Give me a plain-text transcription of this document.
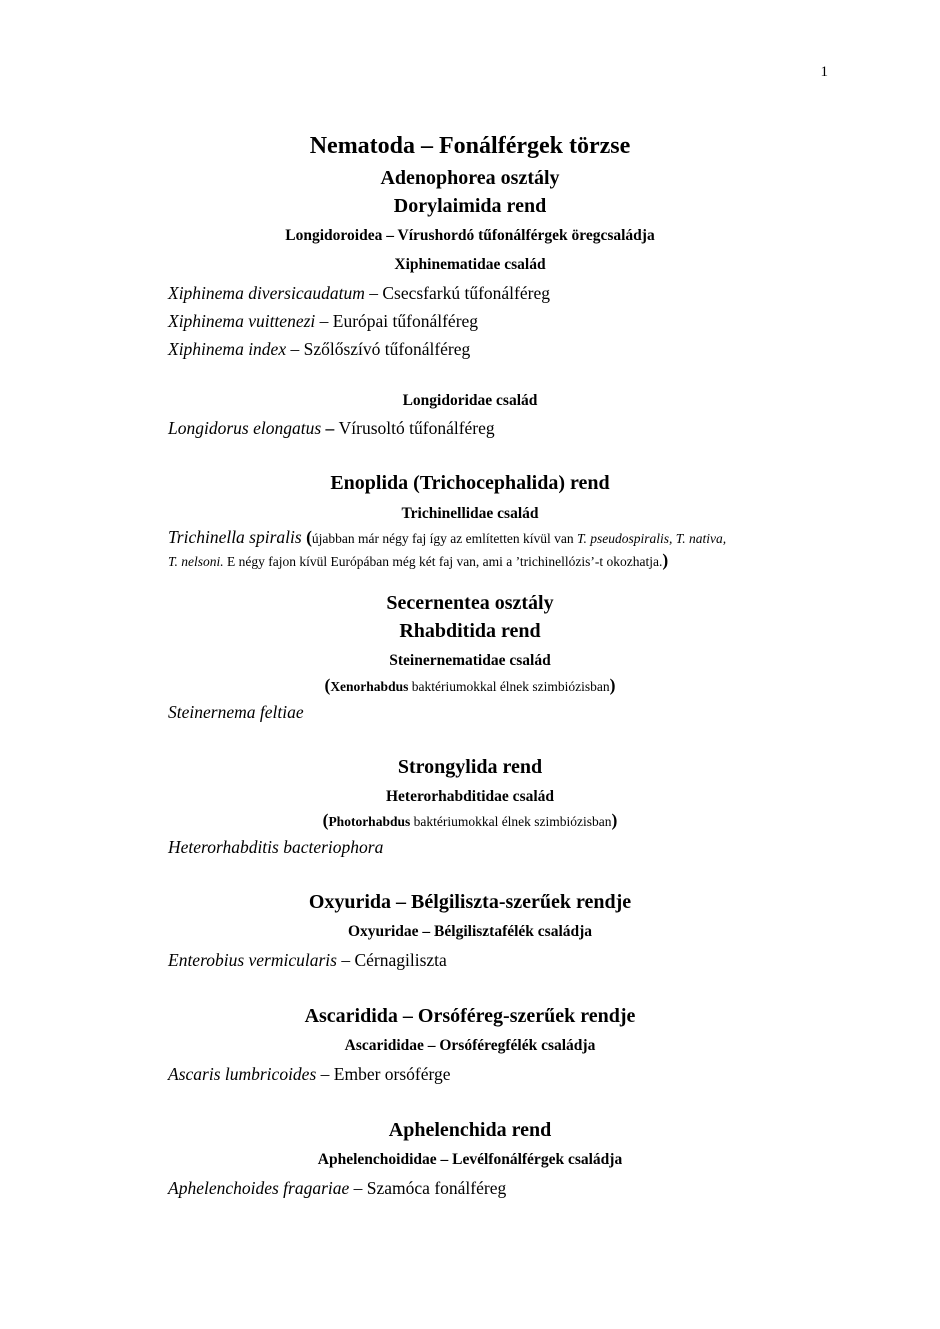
1
Nematoda – Fonálférgek törzse
Adenophorea osztály
Dorylaimida rend
Longidoroidea – Vírushordó tűfonálférgek öregcsaládja
Xiphinematidae család
Xiphinema diversicaudatum – Csecsfarkú tűfonálféreg
Xiphinema vuittenezi – Európai tűfonálféreg
Xiphinema index – Szőlőszívó tűfonálféreg
Longidoridae család
Longidorus elongatus – Vírusoltó tűfonálféreg
Enoplida (Trichocephalida) rend
Trichinellidae család
Trichinella spiralis (újabban már négy faj így az említetten kívül van T. pseudospiralis, T. nativa,
T. nelsoni. E négy fajon kívül Európában még két faj van, ami a ’trichinellózis’-t okozhatja.)
Secernentea osztály
Rhabditida rend
Steinernematidae család
(Xenorhabdus baktériumokkal élnek szimbiózisban)
Steinernema feltiae
Strongylida rend
Heterorhabditidae család
(Photorhabdus baktériumokkal élnek szimbiózisban)
Heterorhabditis bacteriophora
Oxyurida – Bélgiliszta-szerűek rendje
Oxyuridae – Bélgilisztafélék családja
Enterobius vermicularis – Cérnagiliszta
Ascaridida – Orsóféreg-szerűek rendje
Ascarididae – Orsóféregfélék családja
Ascaris lumbricoides – Ember orsóférge
Aphelenchida rend
Aphelenchoididae – Levélfonálférgek családja
Aphelenchoides fragariae – Szamóca fonálféreg
